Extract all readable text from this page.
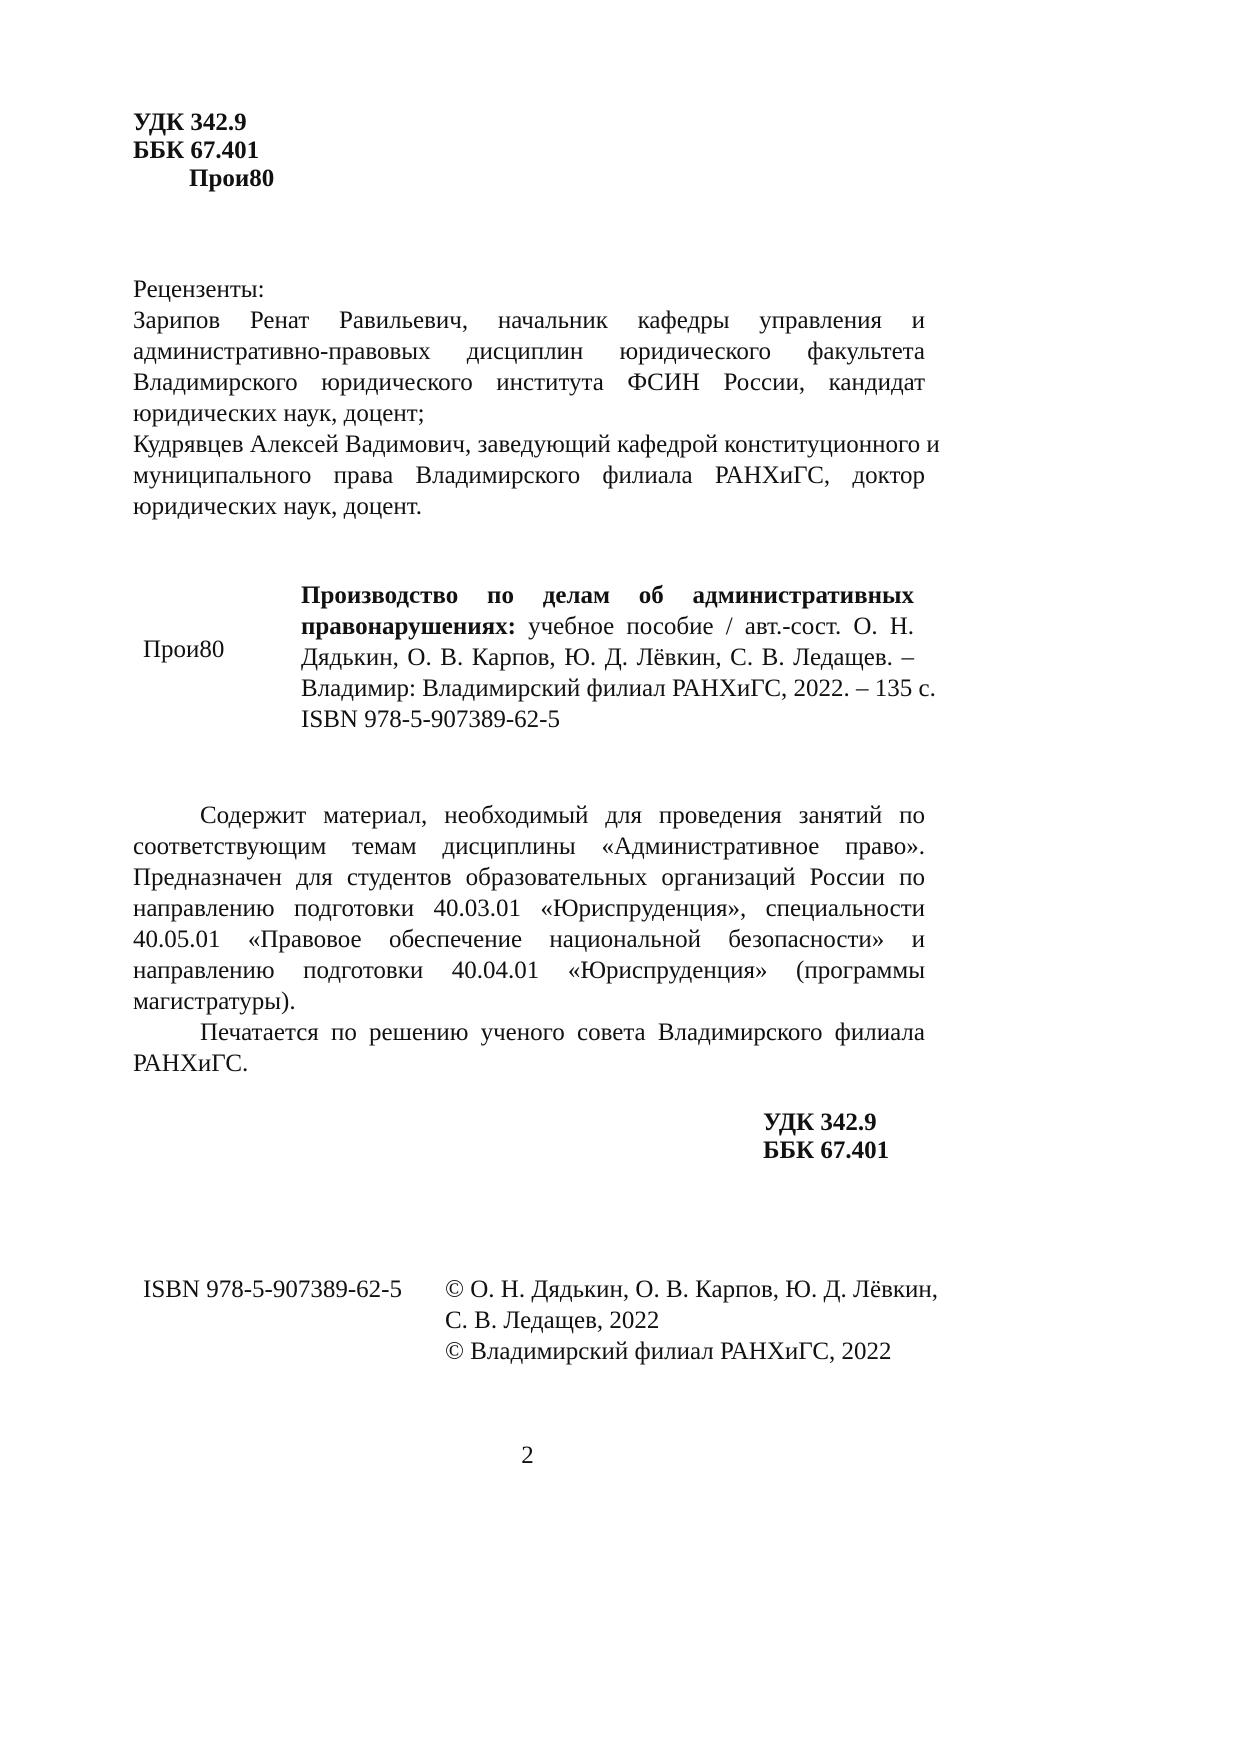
УДК 342.9
ББК 67.401
Прои80
Рецензенты:
Зарипов Ренат Равильевич, начальник кафедры управления и
административно-правовых дисциплин юридического факультета
Владимирского юридического института ФСИН России, кандидат
юридических наук, доцент;
Кудрявцев Алексей Вадимович, заведующий кафедрой конституционного и
муниципального права Владимирского филиала РАНХиГС, доктор
юридических наук, доцент.
Прои80
Производство по делам об административных
правонарушениях: учебное пособие / авт.-сост. О. Н.
Дядькин, О. В. Карпов, Ю. Д. Лёвкин, С. В. Ледащев. –
Владимир: Владимирский филиал РАНХиГС, 2022. – 135 с.
ISBN 978-5-907389-62-5
Содержит материал, необходимый для проведения занятий по
соответствующим темам дисциплины «Административное право».
Предназначен для студентов образовательных организаций России по
направлению подготовки 40.03.01 «Юриспруденция», специальности
40.05.01 «Правовое обеспечение национальной безопасности» и
направлению подготовки 40.04.01 «Юриспруденция» (программы
магистратуры).
Печатается по решению ученого совета Владимирского филиала
РАНХиГС.
УДК 342.9
ББК 67.401
ISBN 978-5-907389-62-5 © О. Н. Дядькин, О. В. Карпов, Ю. Д. Лёвкин,
С. В. Ледащев, 2022
© Владимирский филиал РАНХиГС, 2022
2
